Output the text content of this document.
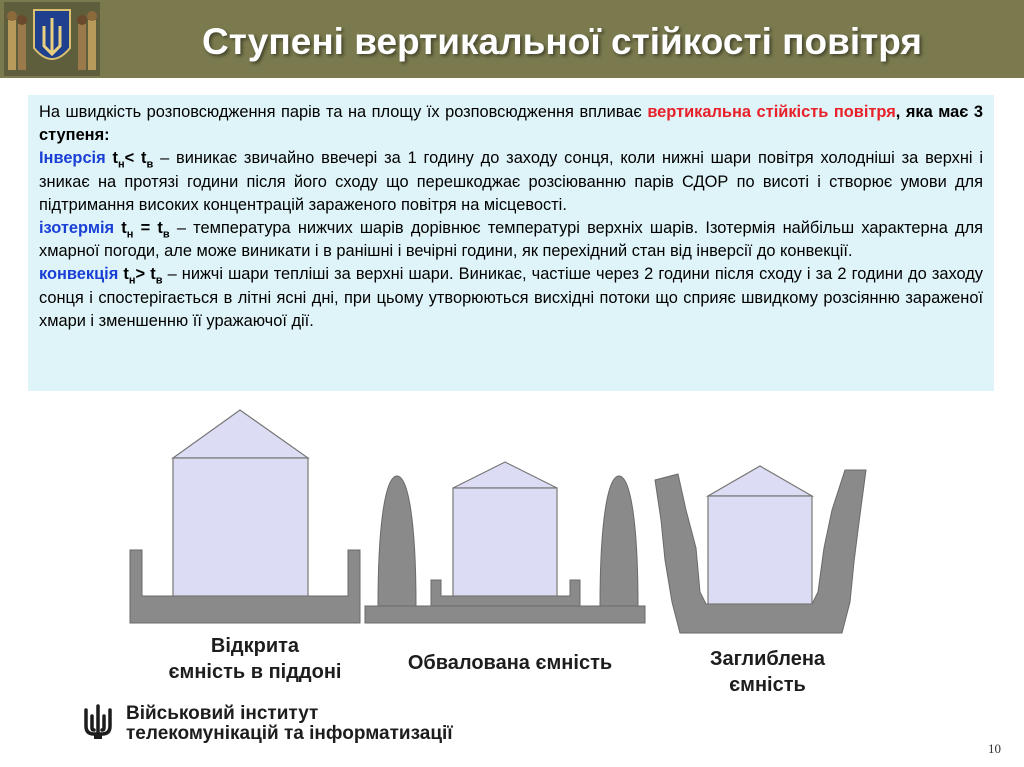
Ступені вертикальної стійкості повітря

На швидкість розповсюдження парів та на площу їх розповсюдження впливає вертикальна стійкість повітря, яка має 3 ступеня:

Інверсія $t_н< t_в$ – виникає звичайно ввечері за 1 годину до заходу сонця, коли нижні шари повітря холодніші за верхні і зникає на протязі години після його сходу що перешкоджає розсіюванню парів СДОР по висоті і створює умови для підтримання високих концентрацій зараженого повітря на місцевості.

ізотермія $t_н = t_в$ – температура нижчих шарів дорівнює температурі верхніх шарів. Ізотермія найбільш характерна для хмарної погоди, але може виникати і в ранішні і вечірні години, як перехідний стан від інверсії до конвекції.

конвекція $t_н> t_в$ – нижчі шари тепліші за верхні шари. Виникає, частіше через 2 години після сходу і за 2 години до заходу сонця і спостерігається в літні ясні дні, при цьому утворюються висхідні потоки що сприяє швидкому розсіянню зараженої хмари і зменшенню її уражаючої дії.

Відкрита
ємність в піддоні	Обвалована ємність	Заглиблена
ємність
Військовий інститут
телекомунікацій та інформатизації
10
